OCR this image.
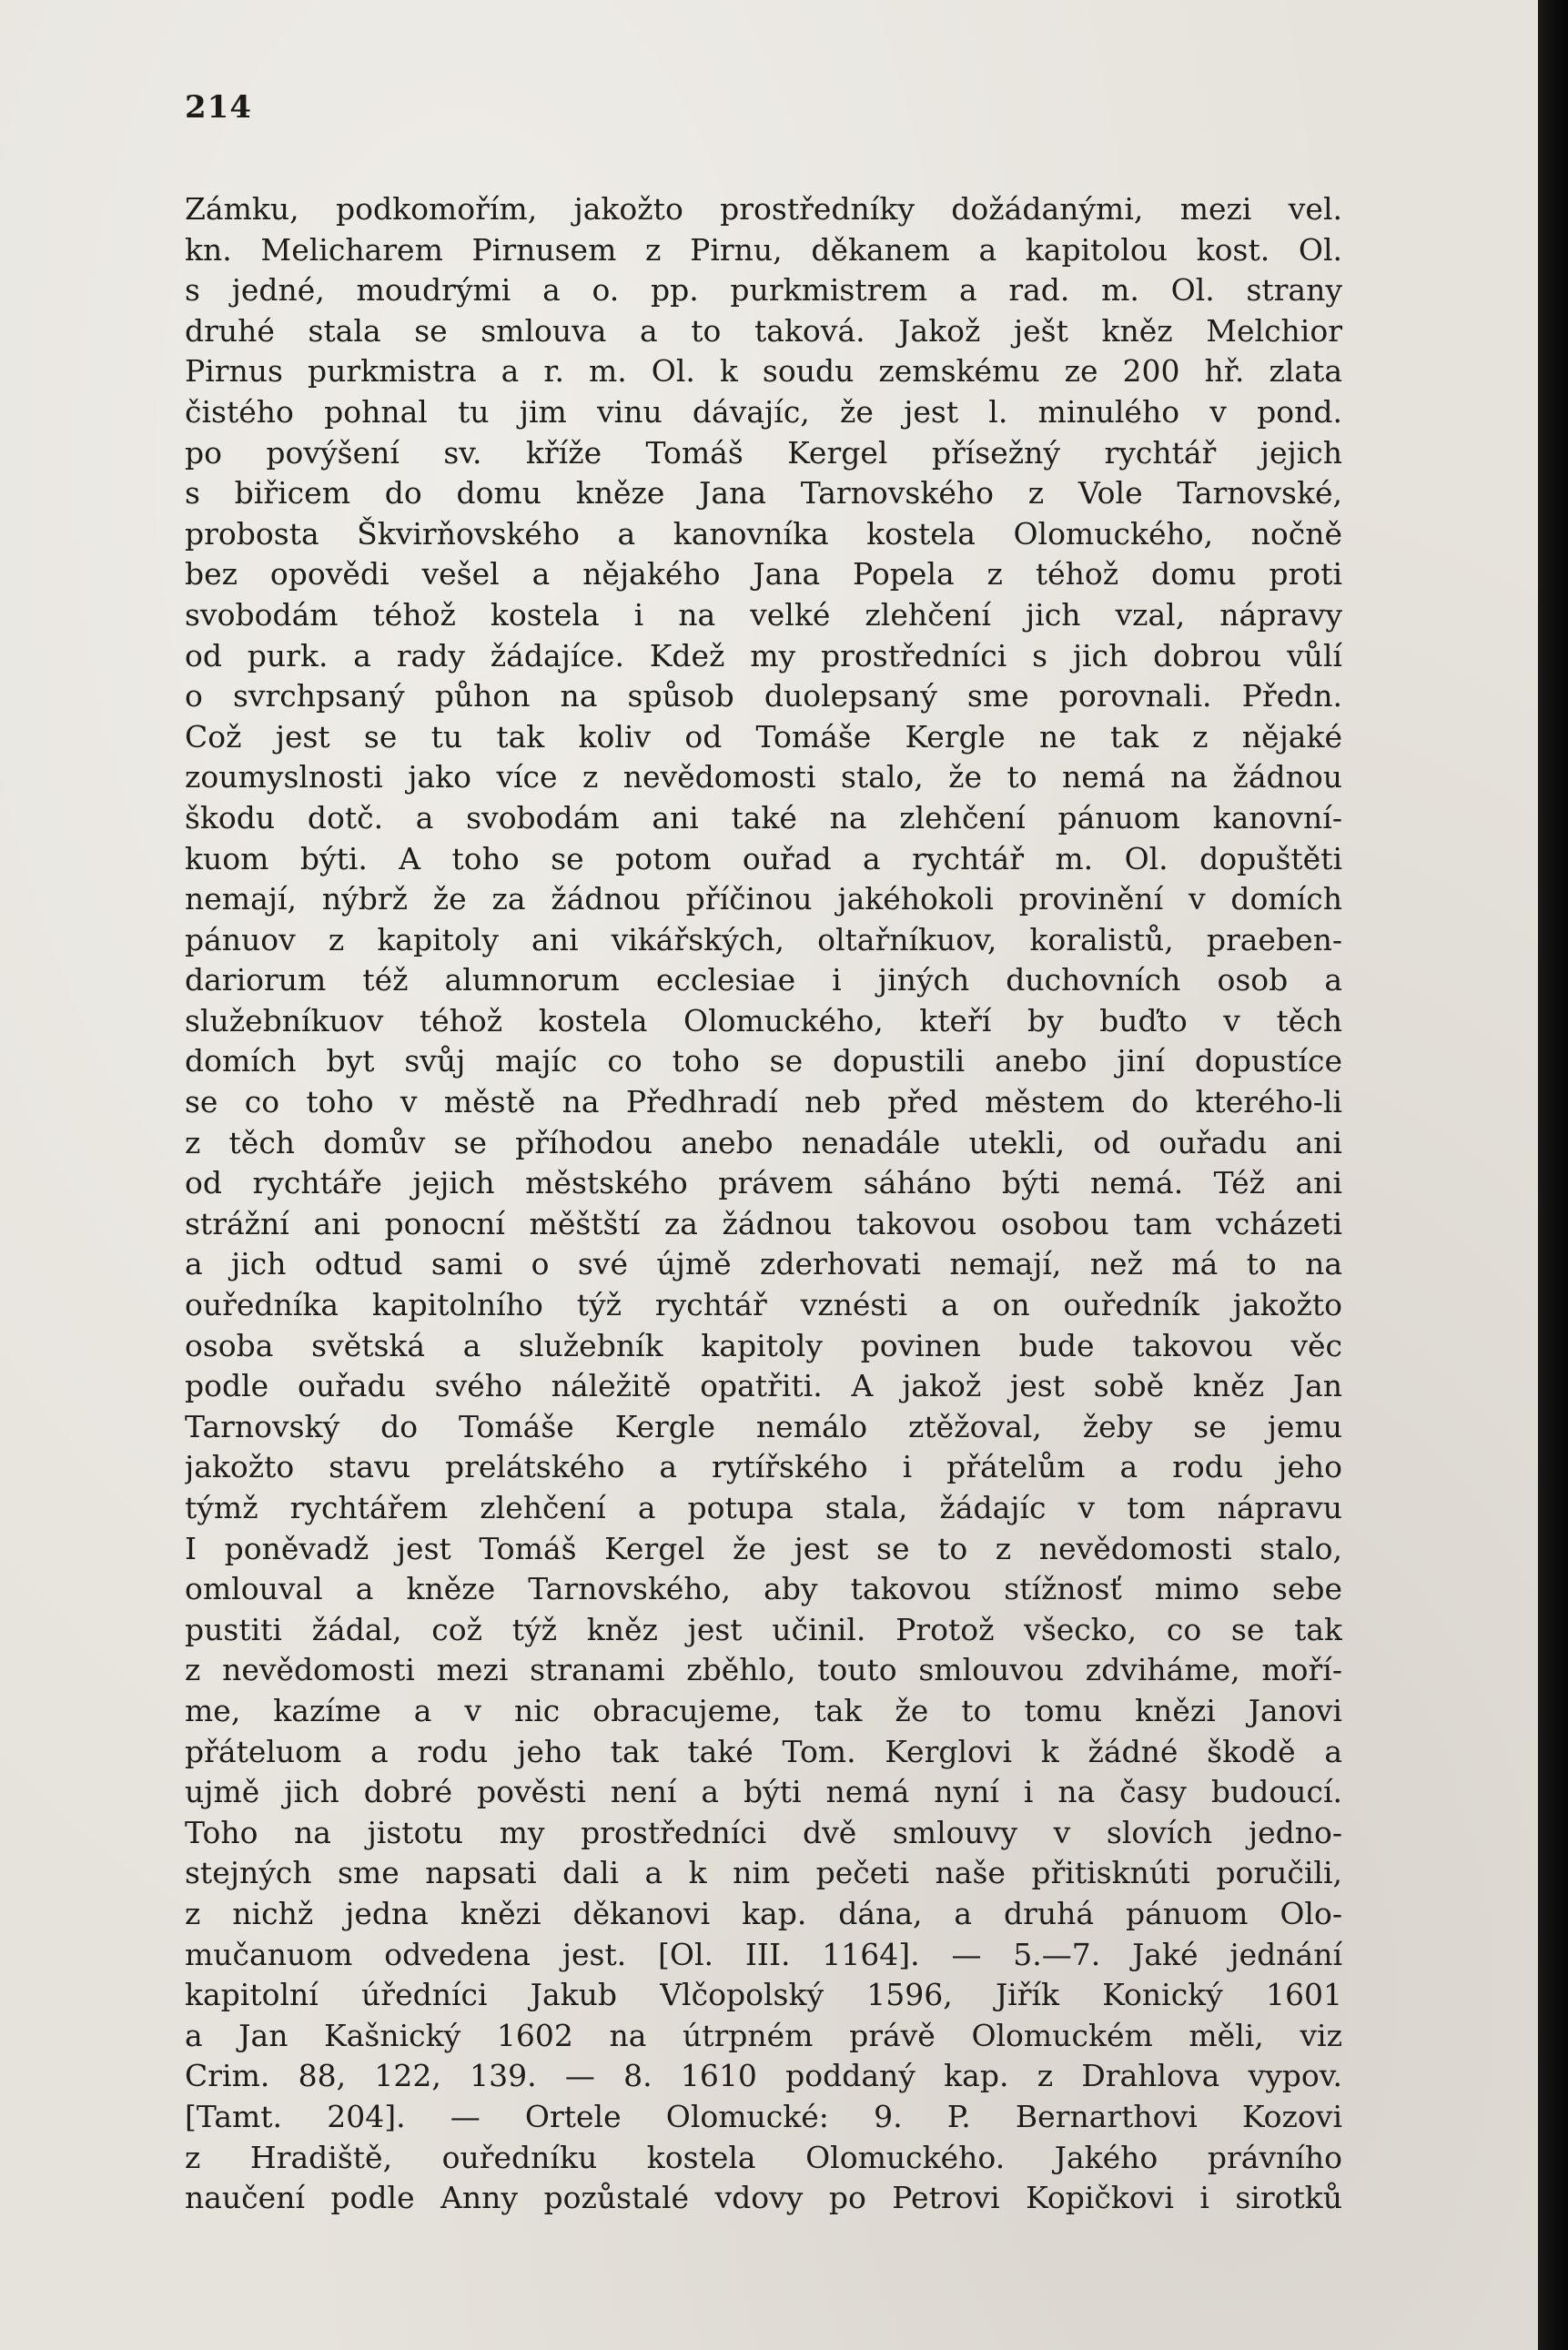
214
Zámku, podkomořím, jakožto prostředníky dožádanými, mezi vel.
kn. Melicharem Pirnusem z Pirnu, děkanem a kapitolou kost. Ol.
s jedné, moudrými a o. pp. purkmistrem a rad. m. Ol. strany
druhé stala se smlouva a to taková. Jakož ješt kněz Melchior
Pirnus purkmistra a r. m. Ol. k soudu zemskému ze 200 hř. zlata
čistého pohnal tu jim vinu dávajíc, že jest l. minulého v pond.
po povýšení sv. kříže Tomáš Kergel přísežný rychtář jejich
s biřicem do domu kněze Jana Tarnovského z Vole Tarnovské,
probosta Škvirňovského a kanovníka kostela Olomuckého, nočně
bez opovědi vešel a nějakého Jana Popela z téhož domu proti
svobodám téhož kostela i na velké zlehčení jich vzal, nápravy
od purk. a rady žádajíce. Kdež my prostředníci s jich dobrou vůlí
o svrchpsaný půhon na spůsob duolepsaný sme porovnali. Předn.
Což jest se tu tak koliv od Tomáše Kergle ne tak z nějaké
zoumyslnosti jako více z nevědomosti stalo, že to nemá na žádnou
škodu dotč. a svobodám ani také na zlehčení pánuom kanovní-
kuom býti. A toho se potom ouřad a rychtář m. Ol. dopuštěti
nemají, nýbrž že za žádnou příčinou jakéhokoli provinění v domích
pánuov z kapitoly ani vikářských, oltařníkuov, koralistů, praeben-
dariorum též alumnorum ecclesiae i jiných duchovních osob a
služebníkuov téhož kostela Olomuckého, kteří by buďto v těch
domích byt svůj majíc co toho se dopustili anebo jiní dopustíce
se co toho v městě na Předhradí neb před městem do kterého-li
z těch domův se příhodou anebo nenadále utekli, od ouřadu ani
od rychtáře jejich městského právem sáháno býti nemá. Též ani
strážní ani ponocní měštští za žádnou takovou osobou tam vcházeti
a jich odtud sami o své újmě zderhovati nemají, než má to na
ouředníka kapitolního týž rychtář vznésti a on ouředník jakožto
osoba světská a služebník kapitoly povinen bude takovou věc
podle ouřadu svého náležitě opatřiti. A jakož jest sobě kněz Jan
Tarnovský do Tomáše Kergle nemálo ztěžoval, žeby se jemu
jakožto stavu prelátského a rytířského i přátelům a rodu jeho
týmž rychtářem zlehčení a potupa stala, žádajíc v tom nápravu
I poněvadž jest Tomáš Kergel že jest se to z nevědomosti stalo,
omlouval a kněze Tarnovského, aby takovou stížnosť mimo sebe
pustiti žádal, což týž kněz jest učinil. Protož všecko, co se tak
z nevědomosti mezi stranami zběhlo, touto smlouvou zdviháme, moří-
me, kazíme a v nic obracujeme, tak že to tomu knězi Janovi
přáteluom a rodu jeho tak také Tom. Kerglovi k žádné škodě a
ujmě jich dobré pověsti není a býti nemá nyní i na časy budoucí.
Toho na jistotu my prostředníci dvě smlouvy v slovích jedno-
stejných sme napsati dali a k nim pečeti naše přitisknúti poručili,
z nichž jedna knězi děkanovi kap. dána, a druhá pánuom Olo-
mučanuom odvedena jest. [Ol. III. 1164]. — 5.—7. Jaké jednání
kapitolní úředníci Jakub Vlčopolský 1596, Jiřík Konický 1601
a Jan Kašnický 1602 na útrpném právě Olomuckém měli, viz
Crim. 88, 122, 139. — 8. 1610 poddaný kap. z Drahlova vypov.
[Tamt. 204]. — Ortele Olomucké: 9. P. Bernarthovi Kozovi
z Hradiště, ouředníku kostela Olomuckého. Jakého právního
naučení podle Anny pozůstalé vdovy po Petrovi Kopičkovi i sirotků
